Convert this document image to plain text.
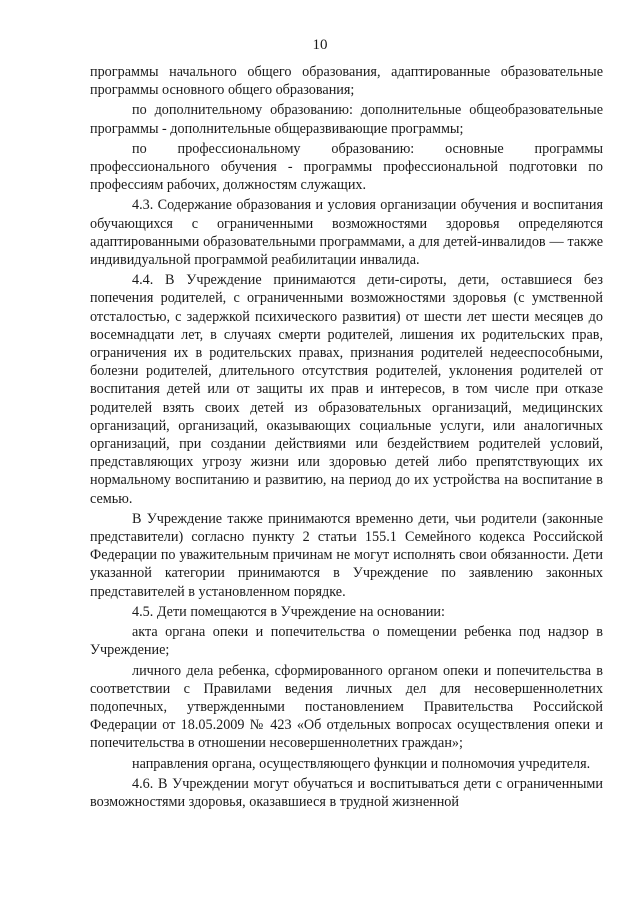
10

программы начального общего образования, адаптированные образовательные программы основного общего образования;

по дополнительному образованию: дополнительные общеобразовательные программы - дополнительные общеразвивающие программы;

по профессиональному образованию: основные программы профессионального обучения - программы профессиональной подготовки по профессиям рабочих, должностям служащих.

4.3. Содержание образования и условия организации обучения и воспитания обучающихся с ограниченными возможностями здоровья определяются адаптированными образовательными программами, а для детей-инвалидов — также индивидуальной программой реабилитации инвалида.

4.4. В Учреждение принимаются дети-сироты, дети, оставшиеся без попечения родителей, с ограниченными возможностями здоровья (с умственной отсталостью, с задержкой психического развития) от шести лет шести месяцев до восемнадцати лет, в случаях смерти родителей, лишения их родительских прав, ограничения их в родительских правах, признания родителей недееспособными, болезни родителей, длительного отсутствия родителей, уклонения родителей от воспитания детей или от защиты их прав и интересов, в том числе при отказе родителей взять своих детей из образовательных организаций, медицинских организаций, организаций, оказывающих социальные услуги, или аналогичных организаций, при создании действиями или бездействием родителей условий, представляющих угрозу жизни или здоровью детей либо препятствующих их нормальному воспитанию и развитию, на период до их устройства на воспитание в семью.

В Учреждение также принимаются временно дети, чьи родители (законные представители) согласно пункту 2 статьи 155.1 Семейного кодекса Российской Федерации по уважительным причинам не могут исполнять свои обязанности. Дети указанной категории принимаются в Учреждение по заявлению законных представителей в установленном порядке.

4.5. Дети помещаются в Учреждение на основании:

акта органа опеки и попечительства о помещении ребенка под надзор в Учреждение;

личного дела ребенка, сформированного органом опеки и попечительства в соответствии с Правилами ведения личных дел для несовершеннолетних подопечных, утвержденными постановлением Правительства Российской Федерации от 18.05.2009 № 423 «Об отдельных вопросах осуществления опеки и попечительства в отношении несовершеннолетних граждан»;

направления органа, осуществляющего функции и полномочия учредителя.

4.6. В Учреждении могут обучаться и воспитываться дети с ограниченными возможностями здоровья, оказавшиеся в трудной жизненной
